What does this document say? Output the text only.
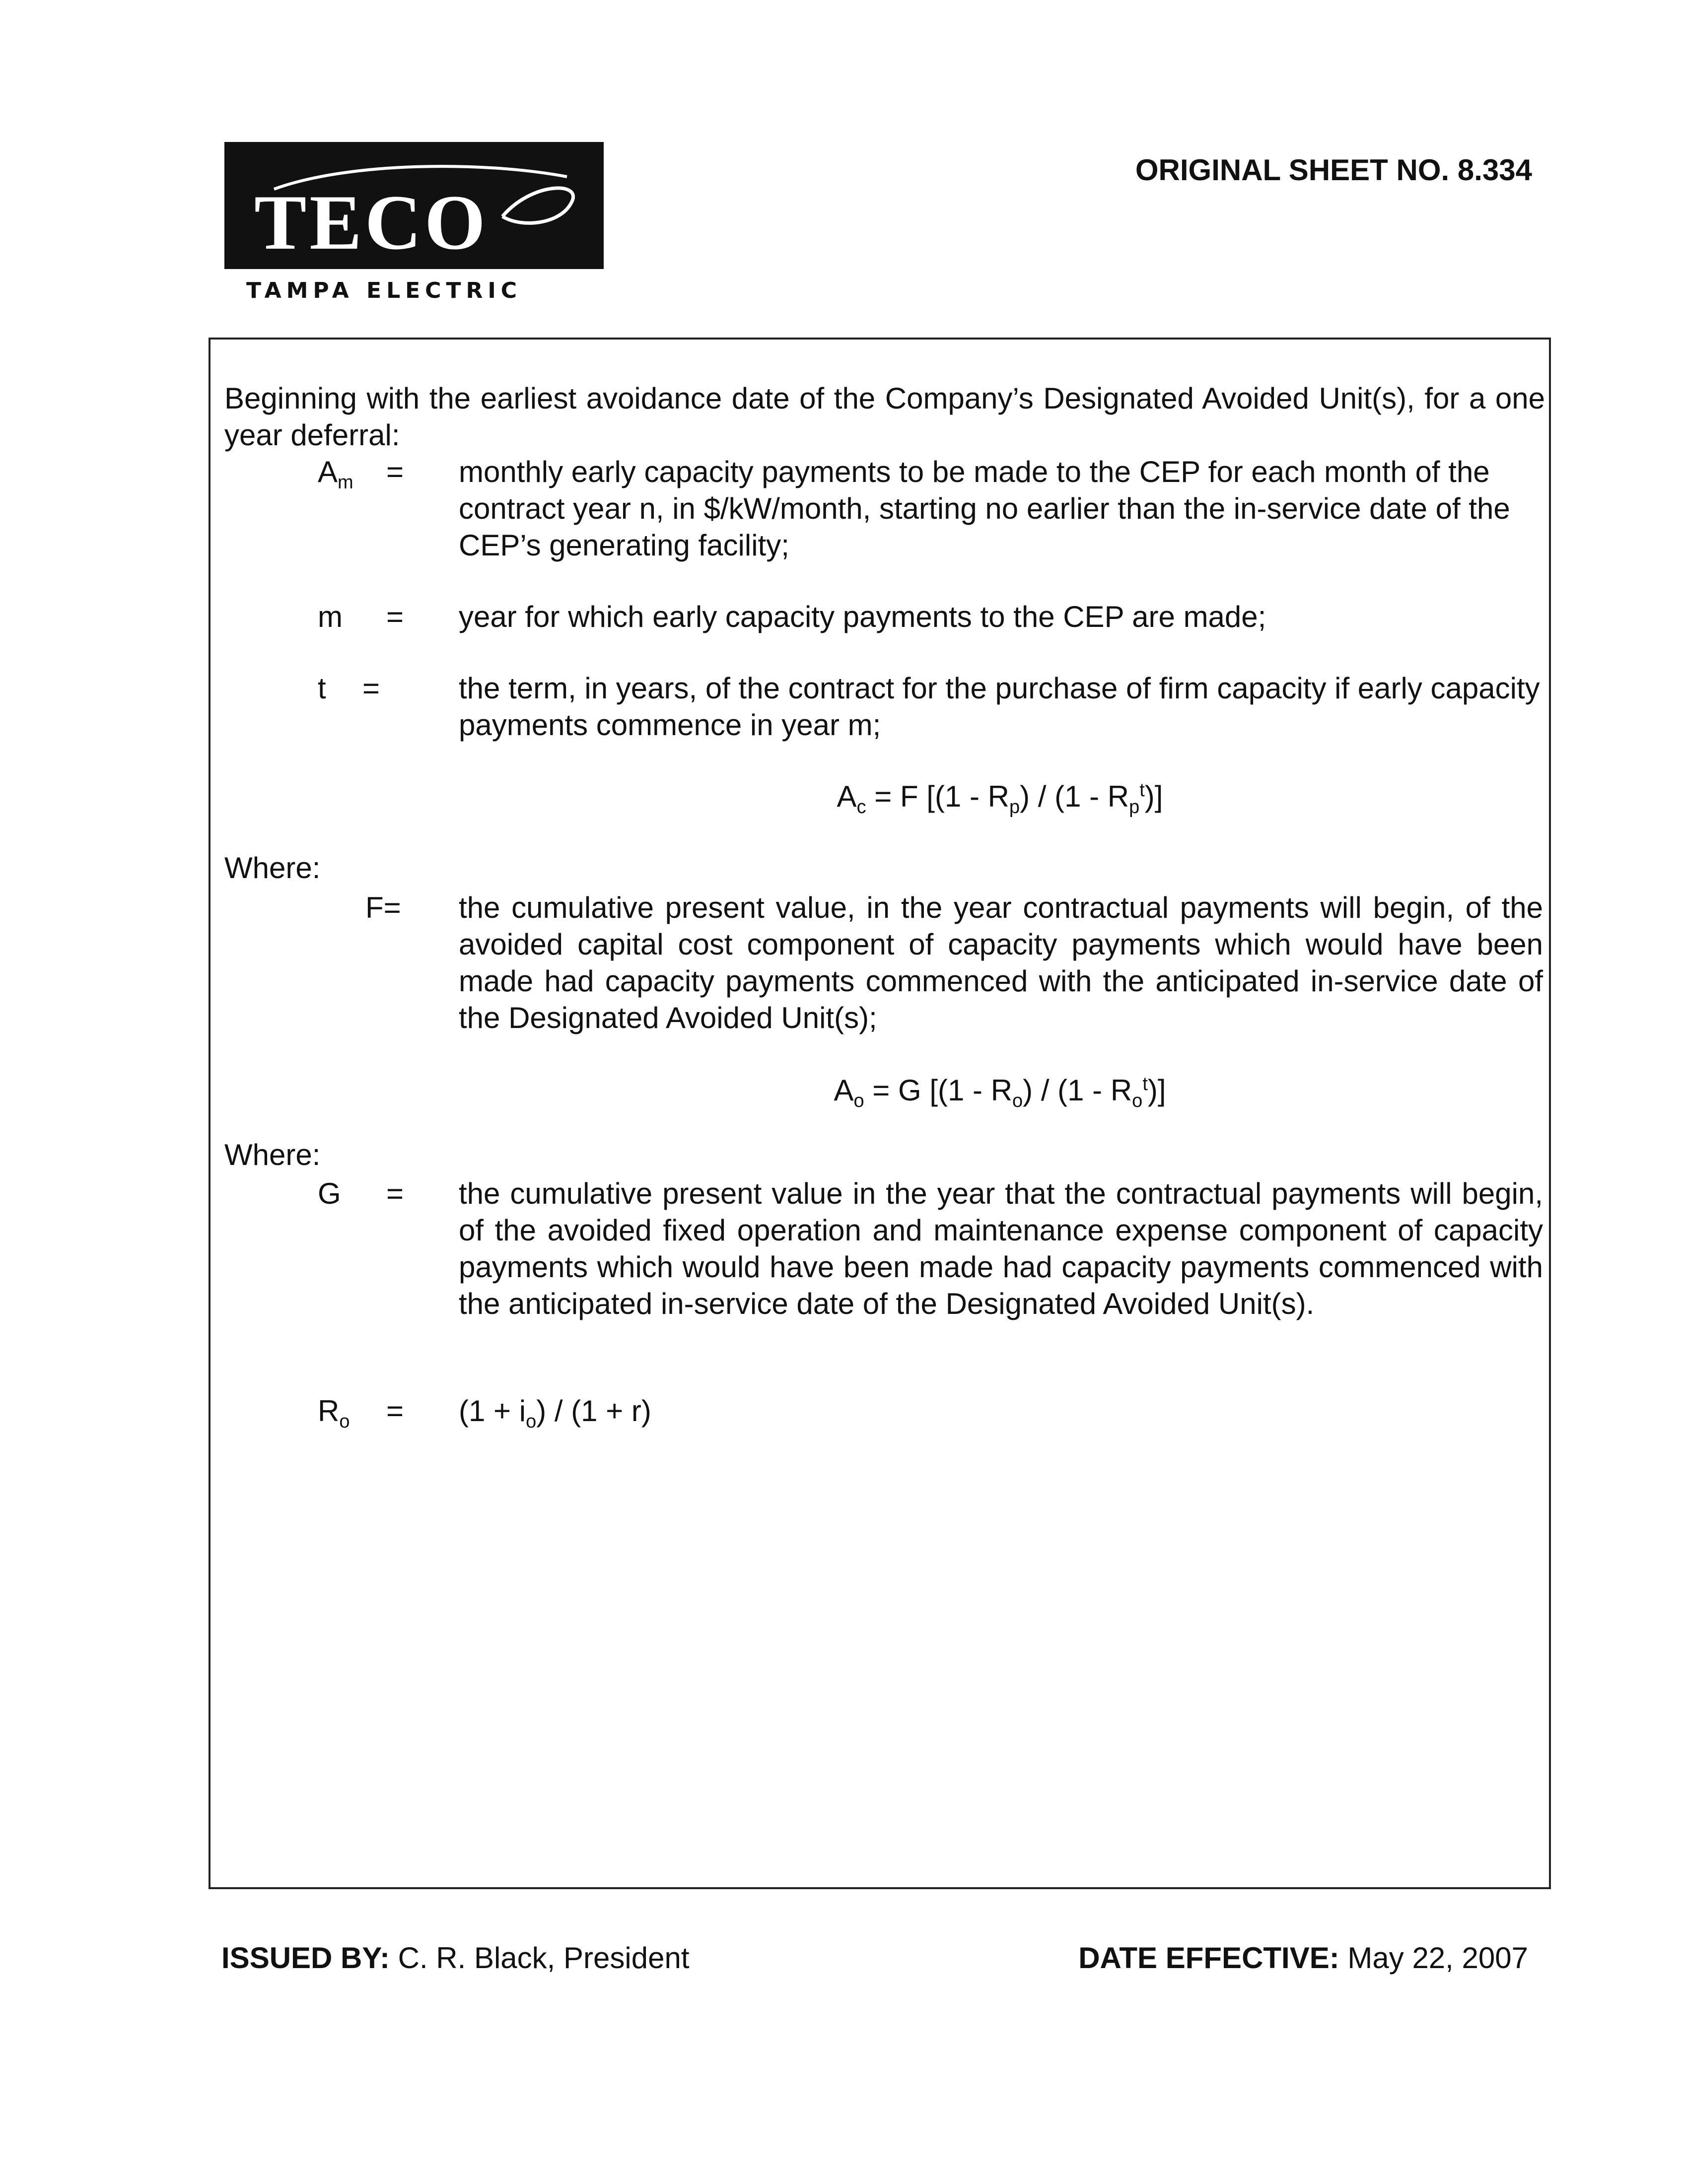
TECO
TAMPA ELECTRIC
ORIGINAL SHEET NO. 8.334
Beginning with the earliest avoidance date of the Company’s Designated Avoided Unit(s), for a one year deferral:
$A_m$ = monthly early capacity payments to be made to the CEP for each month of the contract year n, in $/kW/month, starting no earlier than the in-service date of the CEP’s generating facility;
m = year for which early capacity payments to the CEP are made;
t =	the term, in years, of the contract for the purchase of firm capacity if early capacity payments commence in year m;
$A_c = F$ $[(1 - R_p) / (1 - R_p^t)]$
Where:
F= the cumulative present value, in the year contractual payments will begin, of the avoided capital cost component of capacity payments which would have been made had capacity payments commenced with the anticipated in-service date of the Designated Avoided Unit(s);
$A_o = G$ $[(1 - R_o) / (1 - R_o^t)]$
Where:
G = the cumulative present value in the year that the contractual payments will begin, of the avoided fixed operation and maintenance expense component of capacity payments which would have been made had capacity payments commenced with the anticipated in-service date of the Designated Avoided Unit(s).
$R_o = (1 + i_o) / (1 + r)$
ISSUED BY: C. R. Black, President	DATE EFFECTIVE: May 22, 2007
